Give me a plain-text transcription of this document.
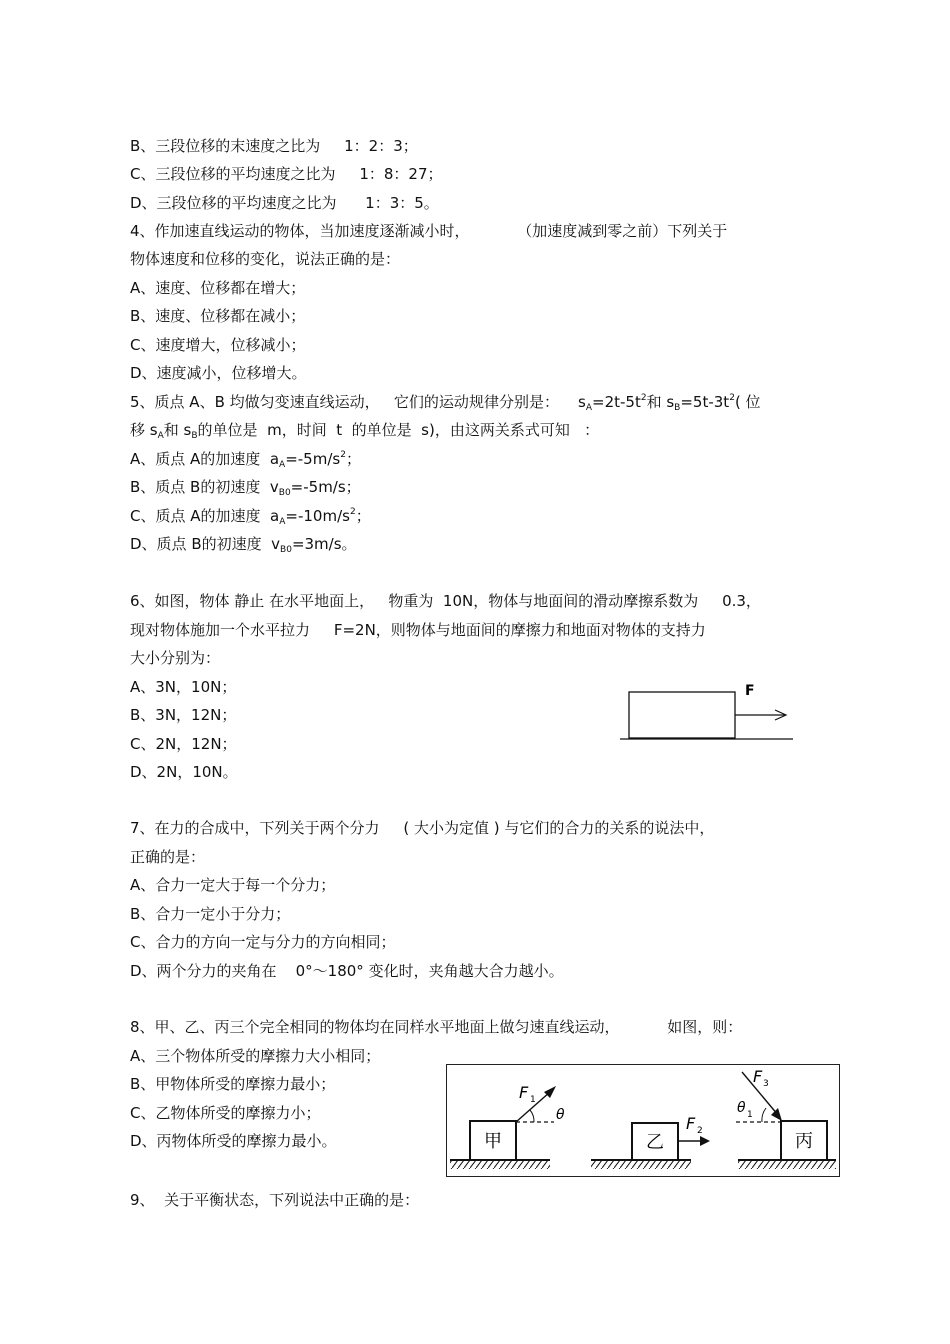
B、三段位移的末速度之比为     1：2：3；
C、三段位移的平均速度之比为     1：8：27；
D、三段位移的平均速度之比为      1：3：5。
4、作加速直线运动的物体，当加速度逐渐减小时，          （加速度减到零之前）下列关于
物体速度和位移的变化，说法正确的是：
A、速度、位移都在增大；
B、速度、位移都在减小；
C、速度增大，位移减小；
D、速度减小，位移增大。
5、质点 A、B 均做匀变速直线运动，   它们的运动规律分别是：    $s_A=2t-5t^2$和 $s_B=5t-3t^2$( 位
移 $s_A$和 $s_B$的单位是  m，时间  t  的单位是  s)，由这两关系式可知   ：
A、质点 A的加速度  $a_A=-5m/s^2$；
B、质点 B的初速度  $v_{B0}=-5m/s$；
C、质点 A的加速度  $a_A=-10m/s^2$；
D、质点 B的初速度  $v_{B0}=3m/s$。
6、如图，物体 静止 在水平地面上，   物重为  10N，物体与地面间的滑动摩擦系数为     0.3，
现对物体施加一个水平拉力     F=2N，则物体与地面间的摩擦力和地面对物体的支持力
大小分别为：
A、3N，10N；
B、3N，12N；
C、2N，12N；
D、2N，10N。
F
7、在力的合成中，下列关于两个分力     ( 大小为定值 ) 与它们的合力的关系的说法中，
正确的是：
A、合力一定大于每一个分力；
B、合力一定小于分力；
C、合力的方向一定与分力的方向相同；
D、两个分力的夹角在    0°～180° 变化时，夹角越大合力越小。
8、甲、乙、丙三个完全相同的物体均在同样水平地面上做匀速直线运动，          如图，则：
A、三个物体所受的摩擦力大小相同；
B、甲物体所受的摩擦力最小；
C、乙物体所受的摩擦力小；
D、丙物体所受的摩擦力最小。	甲
F 1
θ
乙
F 2	丙
F 3
θ 1
9、  关于平衡状态，下列说法中正确的是：
